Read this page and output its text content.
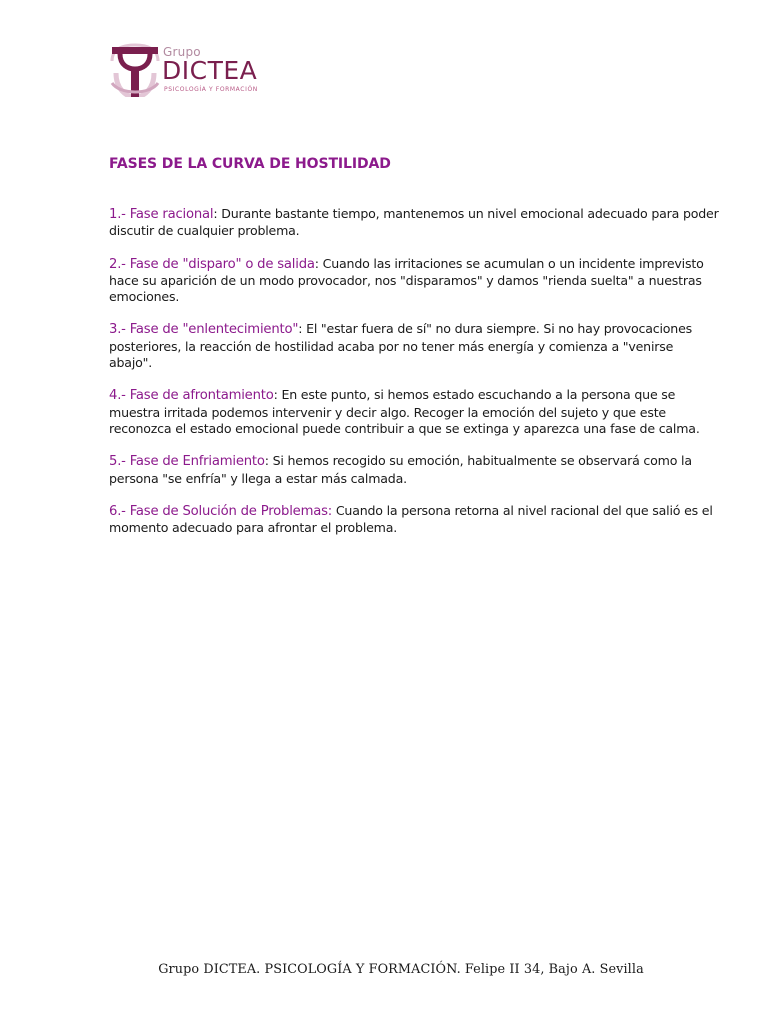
Grupo
DICTEA
PSICOLOGÍA Y FORMACIÓN
FASES DE LA CURVA DE HOSTILIDAD

1.- Fase racional: Durante bastante tiempo, mantenemos un nivel emocional adecuado para poder discutir de cualquier problema.

2.- Fase de "disparo" o de salida: Cuando las irritaciones se acumulan o un incidente imprevisto hace su aparición de un modo provocador, nos "disparamos" y damos "rienda suelta" a nuestras emociones.

3.- Fase de "enlentecimiento": El "estar fuera de sí" no dura siempre. Si no hay provocaciones posteriores, la reacción de hostilidad acaba por no tener más energía y comienza a "venirse abajo".

4.- Fase de afrontamiento: En este punto, si hemos estado escuchando a la persona que se muestra irritada podemos intervenir y decir algo. Recoger la emoción del sujeto y que este reconozca el estado emocional puede contribuir a que se extinga y aparezca una fase de calma.

5.- Fase de Enfriamiento: Si hemos recogido su emoción, habitualmente se observará como la persona "se enfría" y llega a estar más calmada.

6.- Fase de Solución de Problemas: Cuando la persona retorna al nivel racional del que salió es el momento adecuado para afrontar el problema.

Grupo DICTEA. PSICOLOGÍA Y FORMACIÓN. Felipe II 34, Bajo A. Sevilla
